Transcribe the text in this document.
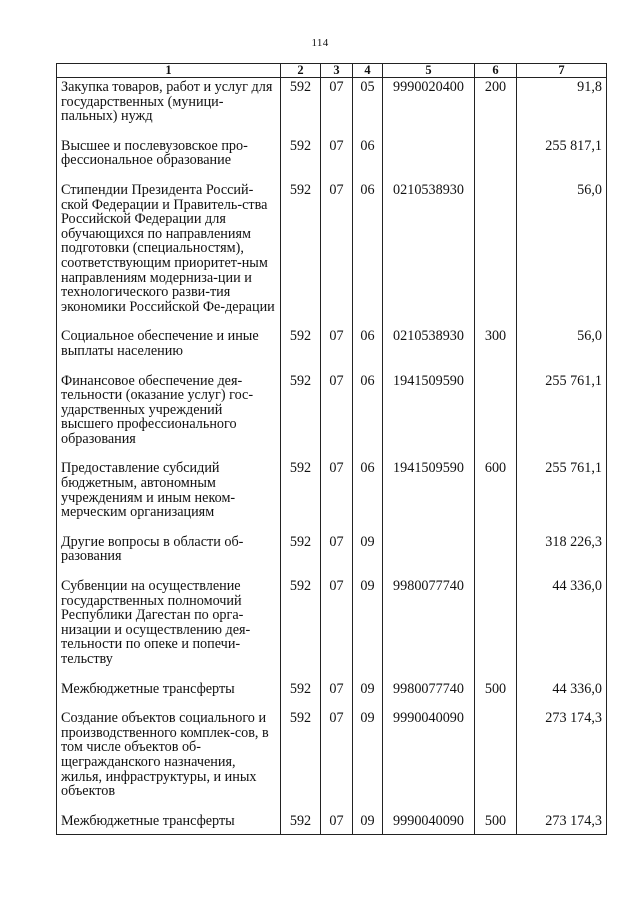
114
1	2	3	4	5	6	7
Закупка товаров, работ и услуг для государственных (муници-пальных) нужд	592	07	05	9990020400	200	91,8
Высшее и послевузовское про-фессиональное образование	592	07	06			255 817,1
Стипендии Президента Россий-ской Федерации и Правитель-ства Российской Федерации для обучающихся по направлениям подготовки (специальностям), соответствующим приоритет-ным направлениям модерниза-ции и технологического разви-тия экономики Российской Фе-дерации	592	07	06	0210538930		56,0
Социальное обеспечение и иные выплаты населению	592	07	06	0210538930	300	56,0
Финансовое обеспечение дея-тельности (оказание услуг) гос-ударственных учреждений высшего профессионального образования	592	07	06	1941509590		255 761,1
Предоставление субсидий бюджетным, автономным учреждениям и иным неком-мерческим организациям	592	07	06	1941509590	600	255 761,1
Другие вопросы в области об-разования	592	07	09			318 226,3
Субвенции на осуществление государственных полномочий Республики Дагестан по орга-низации и осуществлению дея-тельности по опеке и попечи-тельству	592	07	09	9980077740		44 336,0
Межбюджетные трансферты	592	07	09	9980077740	500	44 336,0
Создание объектов социального и производственного комплек-сов, в том числе объектов об-щегражданского назначения, жилья, инфраструктуры, и иных объектов	592	07	09	9990040090		273 174,3
Межбюджетные трансферты	592	07	09	9990040090	500	273 174,3
